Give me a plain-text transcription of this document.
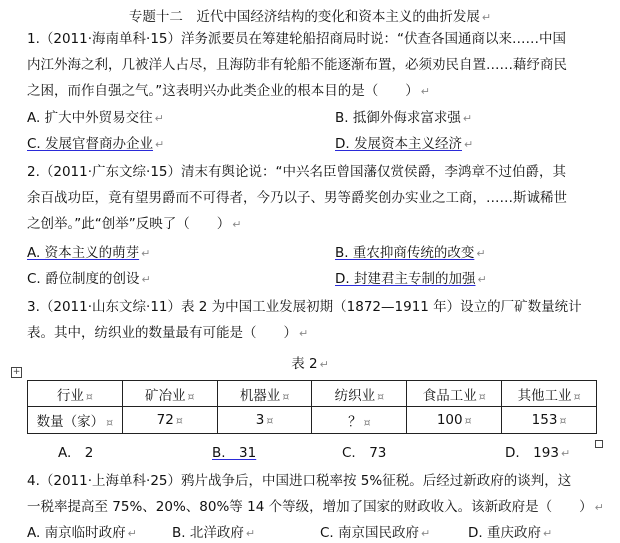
专题十二　近代中国经济结构的变化和资本主义的曲折发展 ↵
1.（2011·海南单科·15）洋务派要员在筹建轮船招商局时说：“伏查各国通商以来……中国
内江外海之利，几被洋人占尽，且海防非有轮船不能逐渐布置，必须劝民自置……藉纾商民
之困，而作自强之气。”这表明兴办此类企业的根本目的是（　　） ↵
A. 扩大中外贸易交往 ↵	B. 抵御外侮求富求强 ↵
C. 发展官督商办企业 ↵	D. 发展资本主义经济 ↵
2.（2011·广东文综·15）清末有舆论说：“中兴名臣曾国藩仅赏侯爵，李鸿章不过伯爵，其
余百战功臣，竟有望男爵而不可得者，今乃以子、男等爵奖创办实业之工商，……斯诚稀世
之创举。”此“创举”反映了（　　） ↵
A. 资本主义的萌芽 ↵	B. 重农抑商传统的改变 ↵
C. 爵位制度的创设 ↵	D. 封建君主专制的加强 ↵
3.（2011·山东文综·11）表 2 为中国工业发展初期（1872—1911 年）设立的厂矿数量统计
表。其中，纺织业的数量最有可能是（　　） ↵
表 2 ↵
+
行业 ¤	矿冶业 ¤	机器业 ¤	纺织业 ¤	食品工业 ¤	其他工业 ¤
数量（家） ¤	72 ¤	3 ¤	？ ¤	100 ¤	153 ¤
A.　2	B.　31	C.　73	D.　193 ↵
4.（2011·上海单科·25）鸦片战争后，中国进口税率按 5%征税。后经过新政府的谈判，这
一税率提高至 75%、20%、80%等 14 个等级，增加了国家的财政收入。该新政府是（　　） ↵
A. 南京临时政府 ↵	B. 北洋政府 ↵	C. 南京国民政府 ↵	D. 重庆政府 ↵
